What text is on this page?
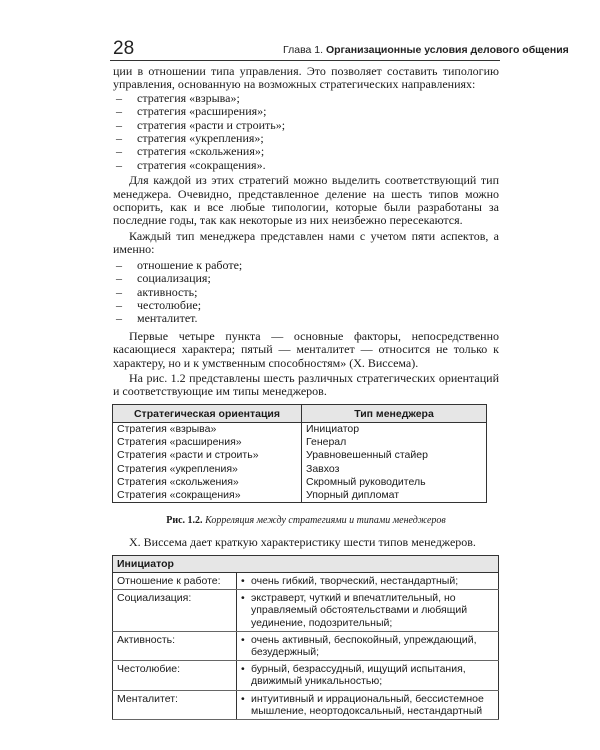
28	Глава 1. Организационные условия делового общения

ции в отношении типа управления. Это позволяет составить типологию управления, основанную на возможных стратегических направлениях:

– стратегия «взрыва»;
– стратегия «расширения»;
– стратегия «расти и строить»;
– стратегия «укрепления»;
– стратегия «скольжения»;
– стратегия «сокращения».

Для каждой из этих стратегий можно выделить соответствующий тип менеджера. Очевидно, представленное деление на шесть типов можно оспорить, как и все любые типологии, которые были разработаны за последние годы, так как некоторые из них неизбежно пересекаются.

Каждый тип менеджера представлен нами с учетом пяти аспектов, а именно:

– отношение к работе;
– социализация;
– активность;
– честолюбие;
– менталитет.

Первые четыре пункта — основные факторы, непосредственно касающиеся характера; пятый — менталитет — относится не только к характеру, но и к умственным способностям» (Х. Виссема).

На рис. 1.2 представлены шесть различных стратегических ориентаций и соответствующие им типы менеджеров.

Стратегическая ориентация	Тип менеджера
Стратегия «взрыва»	Инициатор
Стратегия «расширения»	Генерал
Стратегия «расти и строить»	Уравновешенный стайер
Стратегия «укрепления»	Завхоз
Стратегия «скольжения»	Скромный руководитель
Стратегия «сокращения»	Упорный дипломат
Рис. 1.2. Корреляция между стратегиями и типами менеджеров
Х. Виссема дает краткую характеристику шести типов менеджеров.
Инициатор	
Отношение к работе:	• очень гибкий, творческий, нестандартный;
Социализация:	• экстраверт, чуткий и впечатлительный, но управляемый обстоятельствами и любящий уединение, подозрительный;
Активность:	• очень активный, беспокойный, упреждающий, безудержный;
Честолюбие:	• бурный, безрассудный, ищущий испытания, движимый уникальностью;
Менталитет:	• интуитивный и иррациональный, бессистемное мышление, неортодоксальный, нестандартный
